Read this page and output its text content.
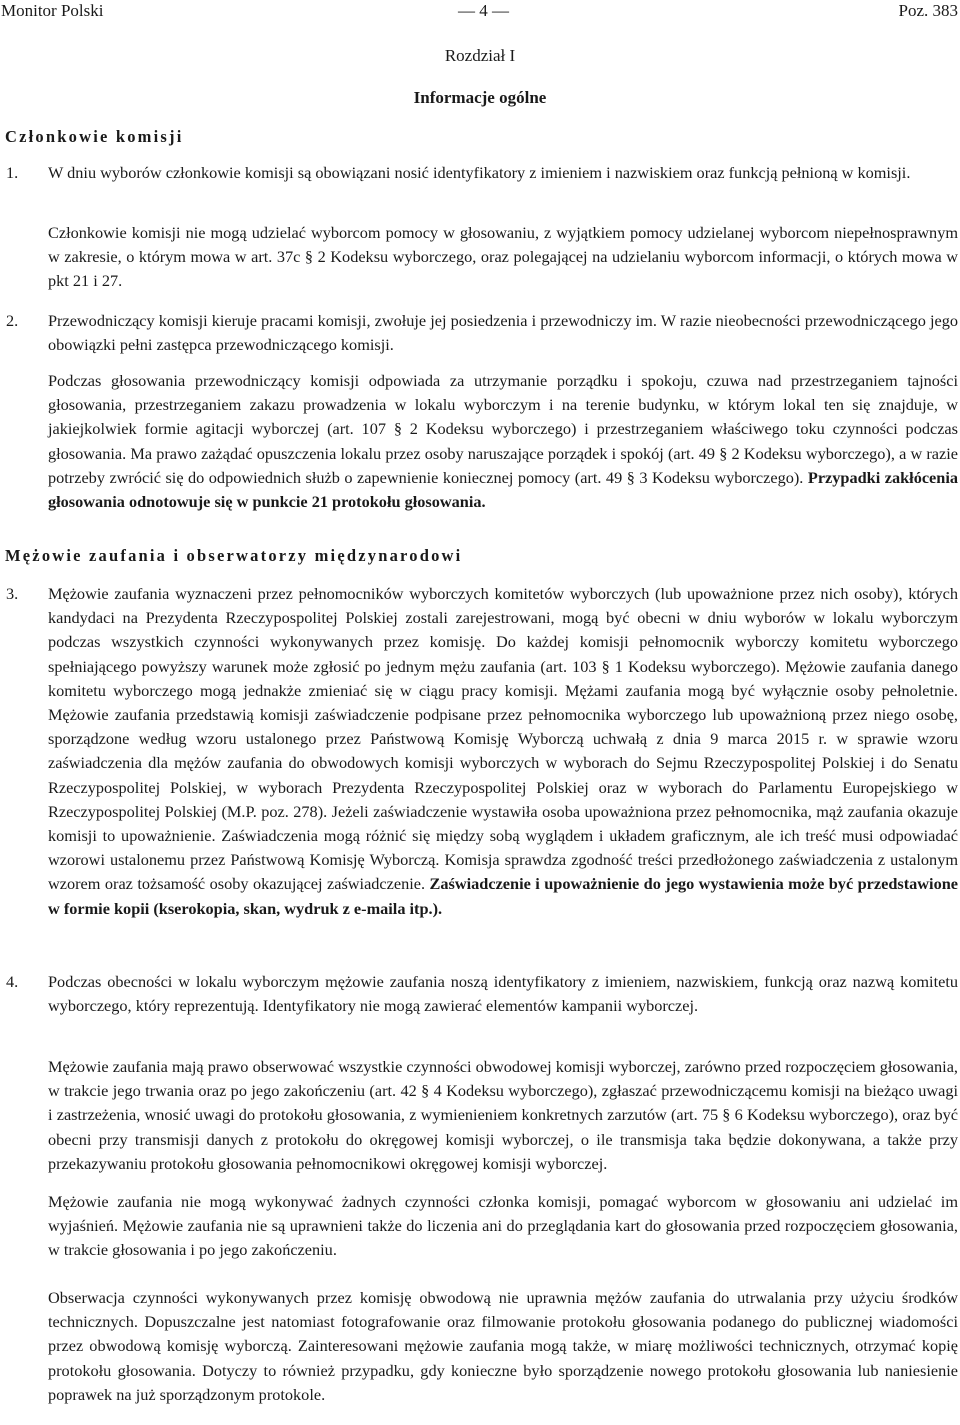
Monitor Polski	— 4 —	Poz. 383
Rozdział I
Informacje ogólne
Członkowie komisji
1. W dniu wyborów członkowie komisji są obowiązani nosić identyfikatory z imieniem i nazwiskiem oraz funkcją pełnioną w komisji.
Członkowie komisji nie mogą udzielać wyborcom pomocy w głosowaniu, z wyjątkiem pomocy udzielanej wyborcom niepełnosprawnym w zakresie, o którym mowa w art. 37c § 2 Kodeksu wyborczego, oraz polegającej na udzielaniu wyborcom informacji, o których mowa w pkt 21 i 27.
2. Przewodniczący komisji kieruje pracami komisji, zwołuje jej posiedzenia i przewodniczy im. W razie nieobecności przewodniczącego jego obowiązki pełni zastępca przewodniczącego komisji.
Podczas głosowania przewodniczący komisji odpowiada za utrzymanie porządku i spokoju, czuwa nad przestrzeganiem tajności głosowania, przestrzeganiem zakazu prowadzenia w lokalu wyborczym i na terenie budynku, w którym lokal ten się znajduje, w jakiejkolwiek formie agitacji wyborczej (art. 107 § 2 Kodeksu wyborczego) i przestrzeganiem właściwego toku czynności podczas głosowania. Ma prawo zażądać opuszczenia lokalu przez osoby naruszające porządek i spokój (art. 49 § 2 Kodeksu wyborczego), a w razie potrzeby zwrócić się do odpowiednich służb o zapewnienie koniecznej pomocy (art. 49 § 3 Kodeksu wyborczego). Przypadki zakłócenia głosowania odnotowuje się w punkcie 21 protokołu głosowania.
Mężowie zaufania i obserwatorzy międzynarodowi
3. Mężowie zaufania wyznaczeni przez pełnomocników wyborczych komitetów wyborczych (lub upoważnione przez nich osoby), których kandydaci na Prezydenta Rzeczypospolitej Polskiej zostali zarejestrowani, mogą być obecni w dniu wyborów w lokalu wyborczym podczas wszystkich czynności wykonywanych przez komisję. Do każdej komisji pełnomocnik wyborczy komitetu wyborczego spełniającego powyższy warunek może zgłosić po jednym mężu zaufania (art. 103 § 1 Kodeksu wyborczego). Mężowie zaufania danego komitetu wyborczego mogą jednakże zmieniać się w ciągu pracy komisji. Mężami zaufania mogą być wyłącznie osoby pełnoletnie. Mężowie zaufania przedstawią komisji zaświadczenie podpisane przez pełnomocnika wyborczego lub upoważnioną przez niego osobę, sporządzone według wzoru ustalonego przez Państwową Komisję Wyborczą uchwałą z dnia 9 marca 2015 r. w sprawie wzoru zaświadczenia dla mężów zaufania do obwodowych komisji wyborczych w wyborach do Sejmu Rzeczypospolitej Polskiej i do Senatu Rzeczypospolitej Polskiej, w wyborach Prezydenta Rzeczypospolitej Polskiej oraz w wyborach do Parlamentu Europejskiego w Rzeczypospolitej Polskiej (M.P. poz. 278). Jeżeli zaświadczenie wystawiła osoba upoważniona przez pełnomocnika, mąż zaufania okazuje komisji to upoważnienie. Zaświadczenia mogą różnić się między sobą wyglądem i układem graficznym, ale ich treść musi odpowiadać wzorowi ustalonemu przez Państwową Komisję Wyborczą. Komisja sprawdza zgodność treści przedłożonego zaświadczenia z ustalonym wzorem oraz tożsamość osoby okazującej zaświadczenie. Zaświadczenie i upoważnienie do jego wystawienia może być przedstawione w formie kopii (kserokopia, skan, wydruk z e-maila itp.).
4. Podczas obecności w lokalu wyborczym mężowie zaufania noszą identyfikatory z imieniem, nazwiskiem, funkcją oraz nazwą komitetu wyborczego, który reprezentują. Identyfikatory nie mogą zawierać elementów kampanii wyborczej.
Mężowie zaufania mają prawo obserwować wszystkie czynności obwodowej komisji wyborczej, zarówno przed rozpoczęciem głosowania, w trakcie jego trwania oraz po jego zakończeniu (art. 42 § 4 Kodeksu wyborczego), zgłaszać przewodniczącemu komisji na bieżąco uwagi i zastrzeżenia, wnosić uwagi do protokołu głosowania, z wymienieniem konkretnych zarzutów (art. 75 § 6 Kodeksu wyborczego), oraz być obecni przy transmisji danych z protokołu do okręgowej komisji wyborczej, o ile transmisja taka będzie dokonywana, a także przy przekazywaniu protokołu głosowania pełnomocnikowi okręgowej komisji wyborczej.
Mężowie zaufania nie mogą wykonywać żadnych czynności członka komisji, pomagać wyborcom w głosowaniu ani udzielać im wyjaśnień. Mężowie zaufania nie są uprawnieni także do liczenia ani do przeglądania kart do głosowania przed rozpoczęciem głosowania, w trakcie głosowania i po jego zakończeniu.
Obserwacja czynności wykonywanych przez komisję obwodową nie uprawnia mężów zaufania do utrwalania przy użyciu środków technicznych. Dopuszczalne jest natomiast fotografowanie oraz filmowanie protokołu głosowania podanego do publicznej wiadomości przez obwodową komisję wyborczą. Zainteresowani mężowie zaufania mogą także, w miarę możliwości technicznych, otrzymać kopię protokołu głosowania. Dotyczy to również przypadku, gdy konieczne było sporządzenie nowego protokołu głosowania lub naniesienie poprawek na już sporządzonym protokole.
